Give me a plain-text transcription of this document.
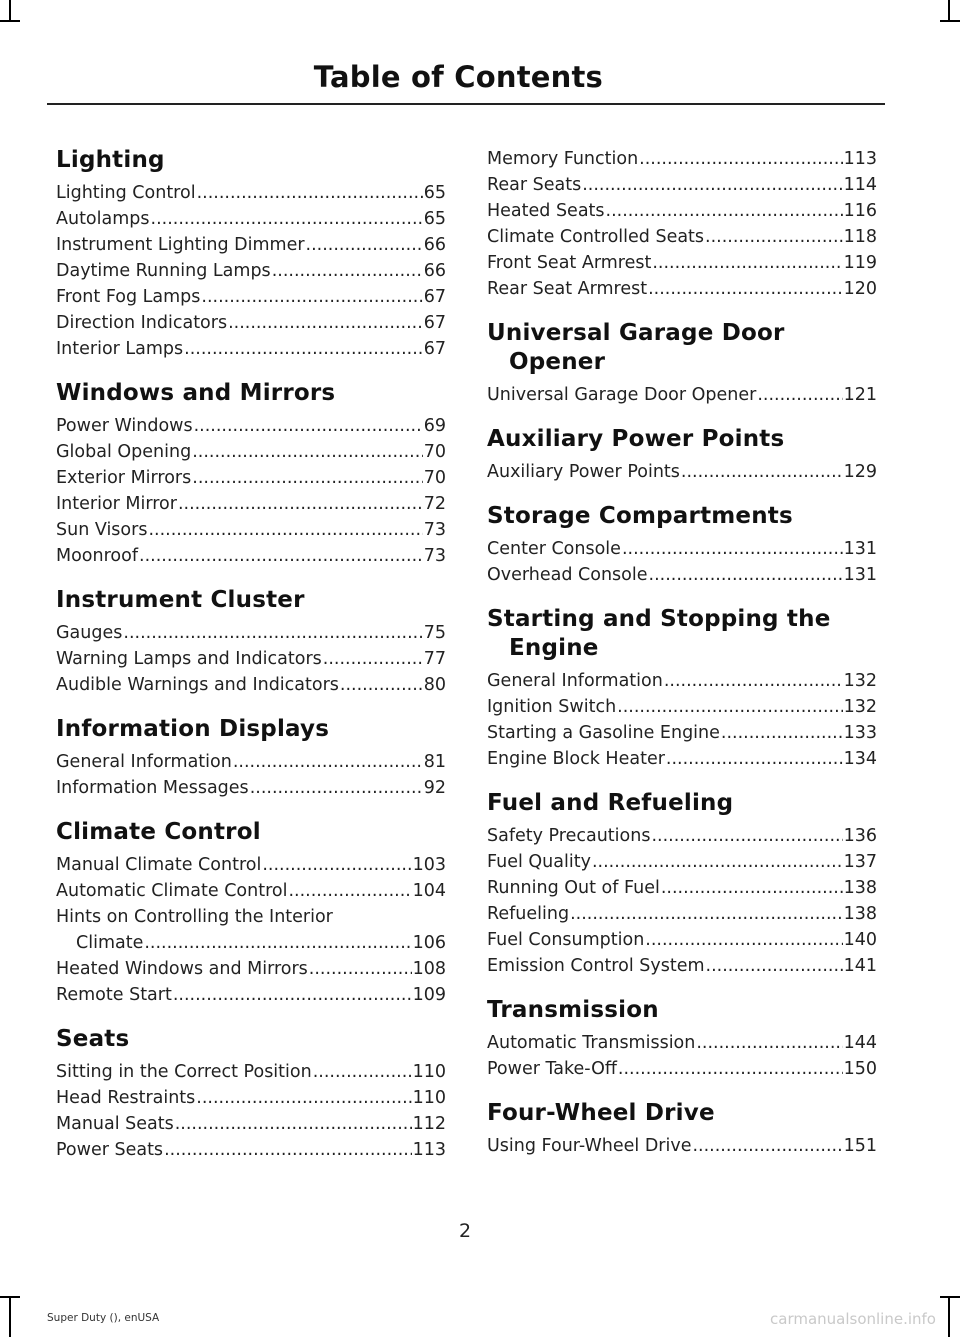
Table of Contents
Lighting
Lighting Control .....	65
Autolamps .....	65
Instrument Lighting Dimmer .....	66
Daytime Running Lamps .....	66
Front Fog Lamps .....	67
Direction Indicators .....	67
Interior Lamps .....	67
Windows and Mirrors
Power Windows .....	69
Global Opening .....	70
Exterior Mirrors .....	70
Interior Mirror .....	72
Sun Visors .....	73
Moonroof .....	73
Instrument Cluster
Gauges .....	75
Warning Lamps and Indicators .....	77
Audible Warnings and Indicators .....	80
Information Displays
General Information .....	81
Information Messages .....	92
Climate Control
Manual Climate Control .....	103
Automatic Climate Control .....	104
Hints on Controlling the Interior
Climate .....	106
Heated Windows and Mirrors .....	108
Remote Start .....	109
Seats
Sitting in the Correct Position .....	110
Head Restraints .....	110
Manual Seats .....	112
Power Seats .....	113
Memory Function .....	113
Rear Seats .....	114
Heated Seats .....	116
Climate Controlled Seats .....	118
Front Seat Armrest .....	119
Rear Seat Armrest .....	120
Universal Garage Door
Opener
Universal Garage Door Opener .....	121
Auxiliary Power Points
Auxiliary Power Points .....	129
Storage Compartments
Center Console .....	131
Overhead Console .....	131
Starting and Stopping the
Engine
General Information .....	132
Ignition Switch .....	132
Starting a Gasoline Engine .....	133
Engine Block Heater .....	134
Fuel and Refueling
Safety Precautions .....	136
Fuel Quality .....	137
Running Out of Fuel .....	138
Refueling .....	138
Fuel Consumption .....	140
Emission Control System .....	141
Transmission
Automatic Transmission .....	144
Power Take-Off .....	150
Four-Wheel Drive
Using Four-Wheel Drive .....	151
2
Super Duty (), enUSA	carmanualsonline.info
